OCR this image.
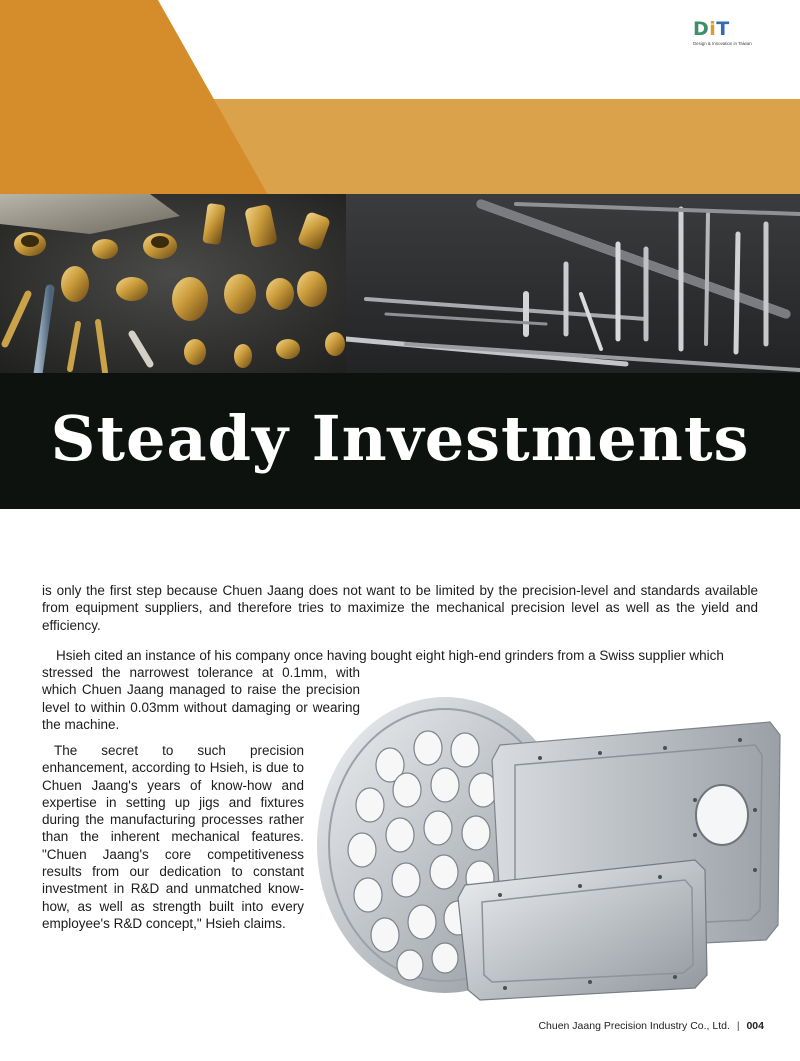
DiT
Design & Innovation in Taiwan
Steady Investments

is only the first step because Chuen Jaang does not want to be limited by the precision-level and standards available from equipment suppliers, and therefore tries to maximize the mechanical precision level as well as the yield and efficiency.

Hsieh cited an instance of his company once having bought eight high-end grinders from a Swiss supplier which

stressed the narrowest tolerance at 0.1mm, with which Chuen Jaang managed to raise the precision level to within 0.03mm without damaging or wearing the machine.

The secret to such precision enhancement, according to Hsieh, is due to Chuen Jaang's years of know-how and expertise in setting up jigs and fixtures during the manufacturing processes rather than the inherent mechanical features. "Chuen Jaang's core competitiveness results from our dedication to constant investment in R&D and unmatched know-how, as well as strength built into every employee's R&D concept," Hsieh claims.

Chuen Jaang Precision Industry Co., Ltd. | 004
